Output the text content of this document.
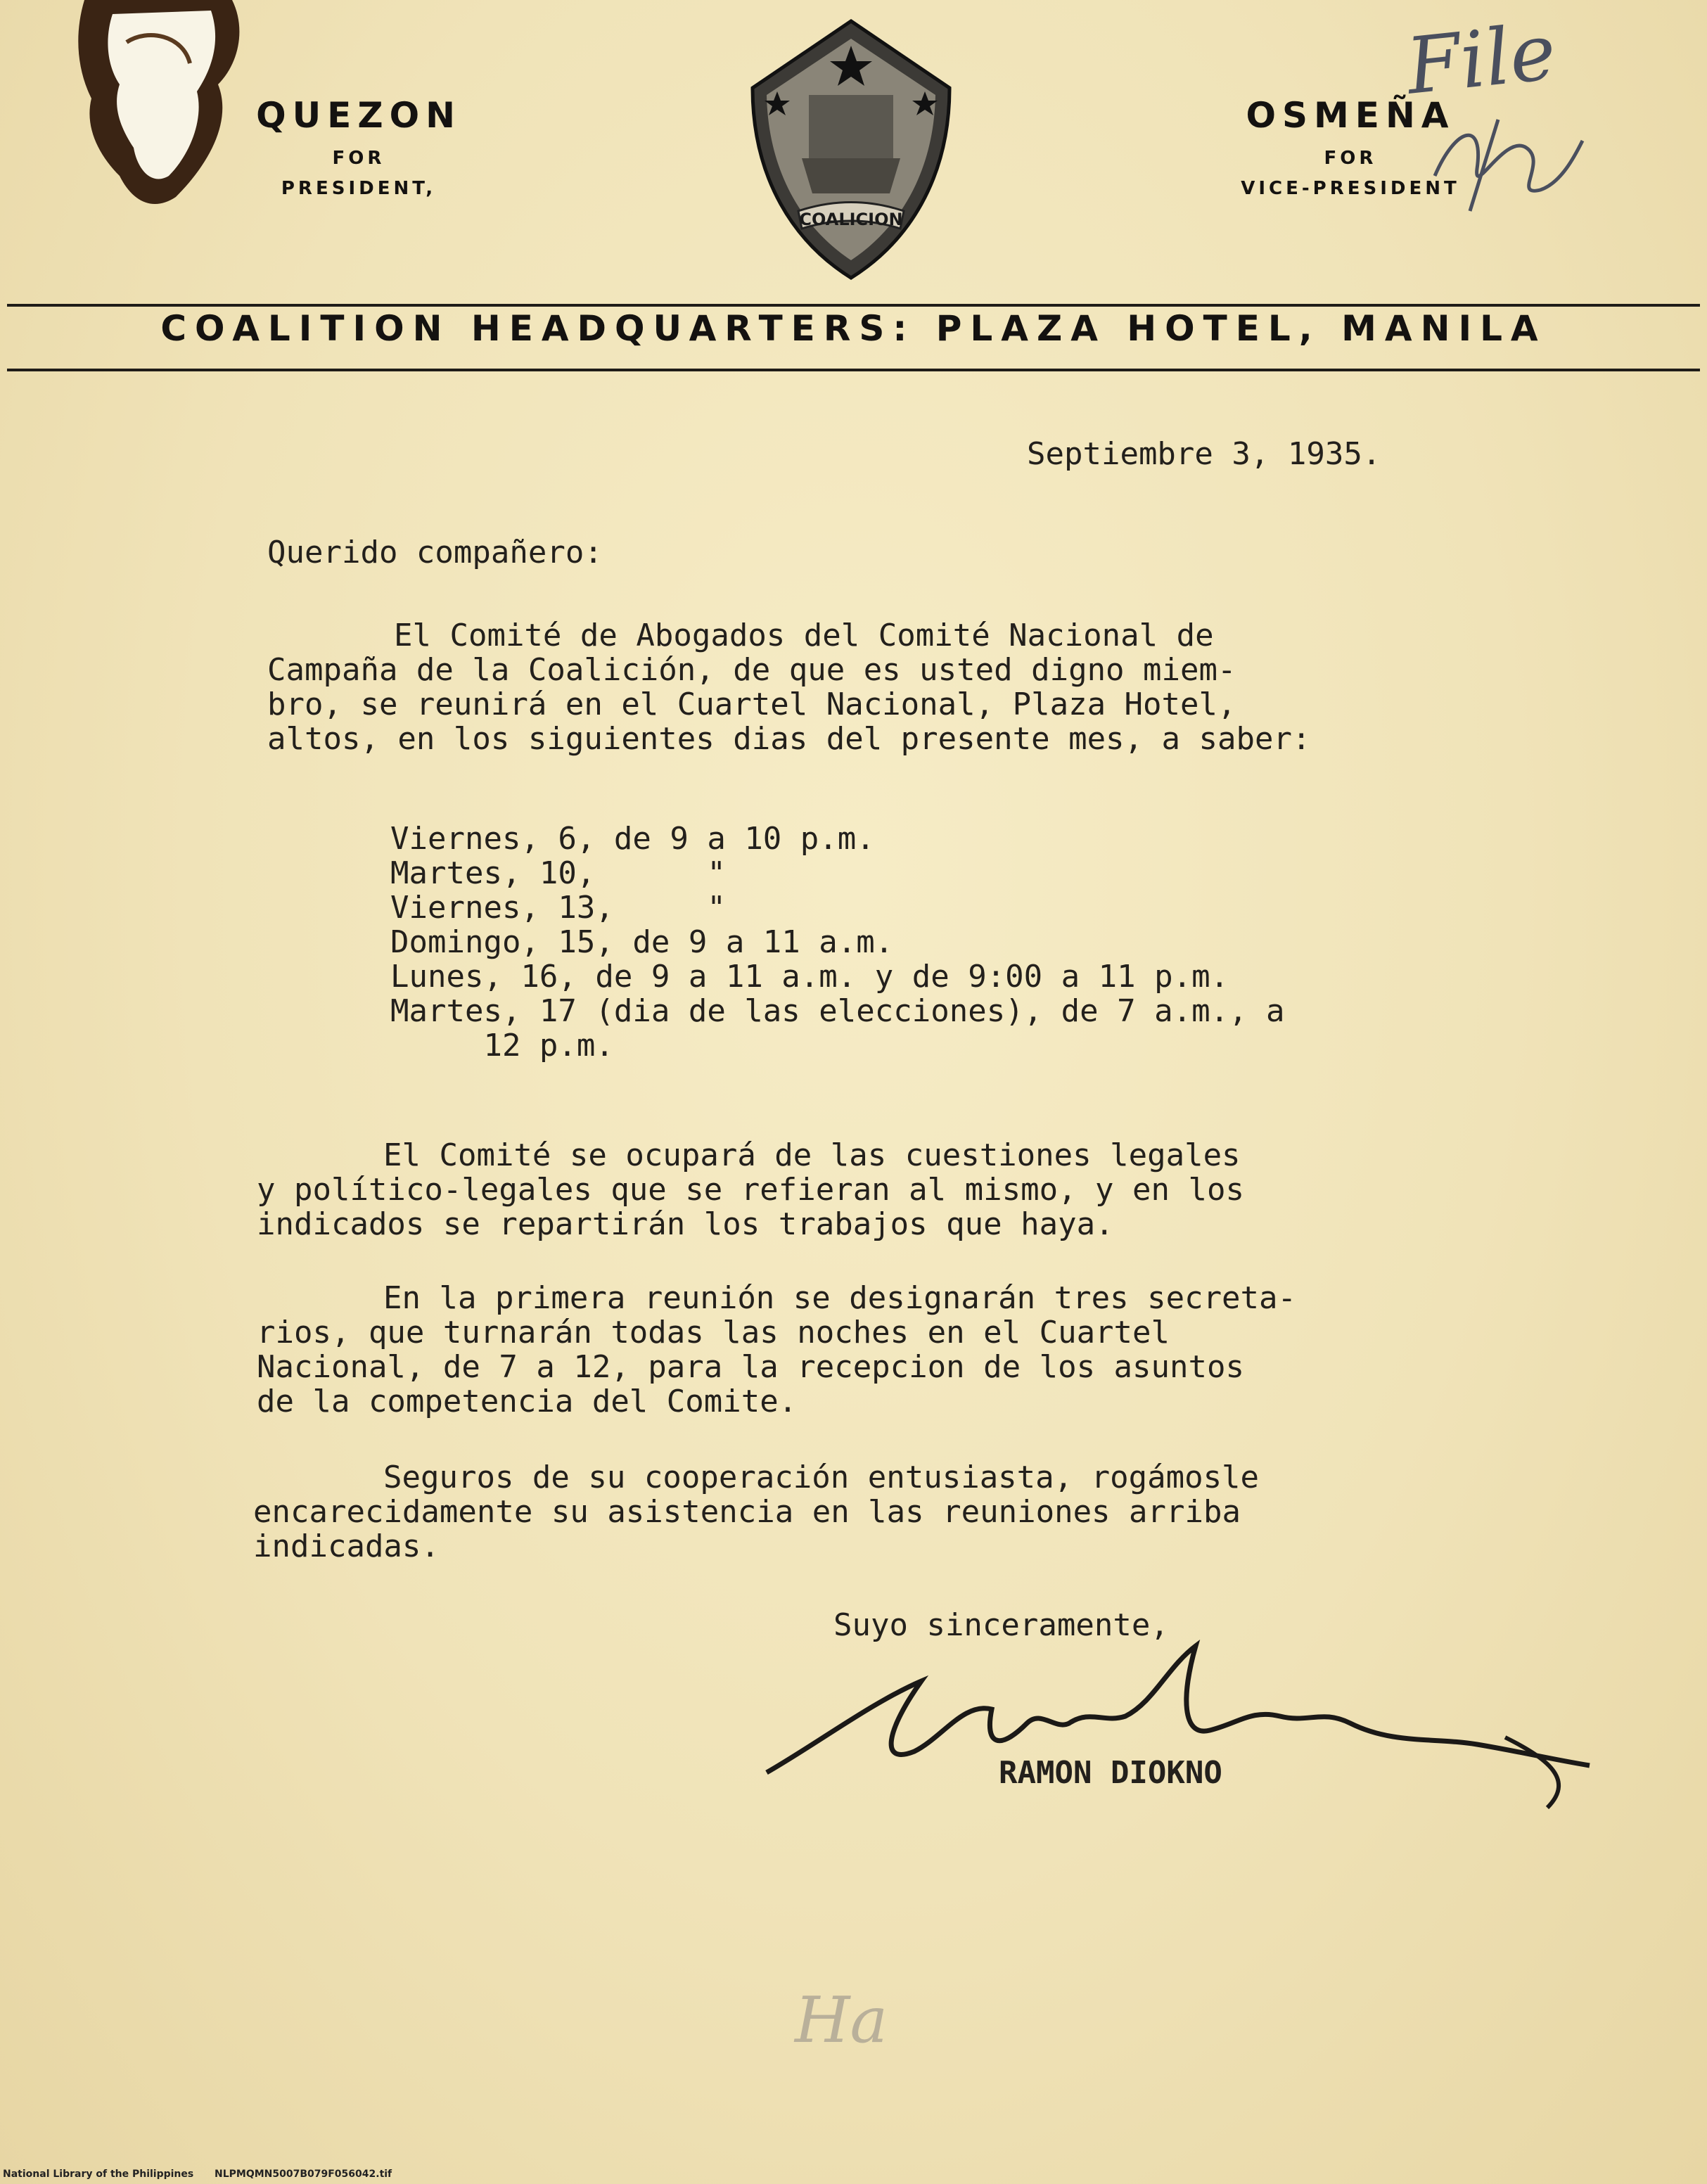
QUEZON
FOR
PRESIDENT,
COALICION
OSMEÑA
FOR
VICE-PRESIDENT
File
COALITION HEADQUARTERS: PLAZA HOTEL, MANILA
Septiembre 3, 1935.
Querido compañero:
El Comité de Abogados del Comité Nacional de
Campaña de la Coalición, de que es usted digno miem-
bro, se reunirá en el Cuartel Nacional, Plaza Hotel,
altos, en los siguientes dias del presente mes, a saber:
Viernes, 6, de 9 a 10 p.m.
Martes, 10,      "
Viernes, 13,     "
Domingo, 15, de 9 a 11 a.m.
Lunes, 16, de 9 a 11 a.m. y de 9:00 a 11 p.m.
Martes, 17 (dia de las elecciones), de 7 a.m., a
12 p.m.
El Comité se ocupará de las cuestiones legales
y político-legales que se refieran al mismo, y en los
indicados se repartirán los trabajos que haya.
En la primera reunión se designarán tres secreta-
rios, que turnarán todas las noches en el Cuartel
Nacional, de 7 a 12, para la recepcion de los asuntos
de la competencia del Comite.
Seguros de su cooperación entusiasta, rogámosle
encarecidamente su asistencia en las reuniones arriba
indicadas.
Suyo sinceramente,
RAMON DIOKNO
Ha
National Library of the Philippines NLPMQMN5007B079F056042.tif
